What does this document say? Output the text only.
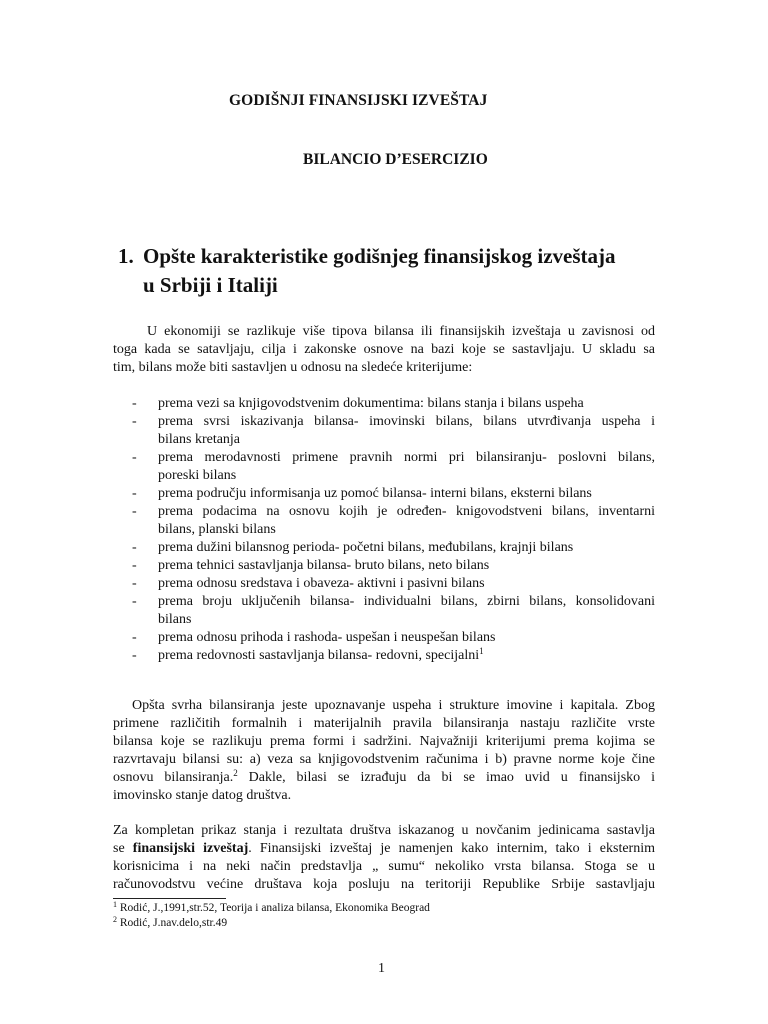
GODIŠNJI FINANSIJSKI IZVEŠTAJ
BILANCIO D’ESERCIZIO
1. Opšte karakteristike godišnjeg finansijskog izveštaja
u Srbiji i Italiji
U ekonomiji se razlikuje više tipova bilansa ili finansijskih izveštaja u zavisnosi od
toga kada se satavljaju, cilja i zakonske osnove na bazi koje se sastavljaju. U skladu sa
tim, bilans može biti sastavljen u odnosu na sledeće kriterijume:
- prema vezi sa knjigovodstvenim dokumentima: bilans stanja i bilans uspeha
- prema svrsi iskazivanja bilansa- imovinski bilans, bilans utvrđivanja uspeha i
bilans kretanja
- prema merodavnosti primene pravnih normi pri bilansiranju- poslovni bilans,
poreski bilans
- prema području informisanja uz pomoć bilansa- interni bilans, eksterni bilans
- prema podacima na osnovu kojih je određen- knigovodstveni bilans, inventarni
bilans, planski bilans
- prema dužini bilansnog perioda- početni bilans, međubilans, krajnji bilans
- prema tehnici sastavljanja bilansa- bruto bilans, neto bilans
- prema odnosu sredstava i obaveza- aktivni i pasivni bilans
- prema broju uključenih bilansa- individualni bilans, zbirni bilans, konsolidovani
bilans
- prema odnosu prihoda i rashoda- uspešan i neuspešan bilans
- prema redovnosti sastavljanja bilansa- redovni, specijalni$^1$
Opšta svrha bilansiranja jeste upoznavanje uspeha i strukture imovine i kapitala. Zbog
primene različitih formalnih i materijalnih pravila bilansiranja nastaju različite vrste
bilansa koje se razlikuju prema formi i sadržini. Najvažniji kriterijumi prema kojima se
razvrtavaju bilansi su: a) veza sa knjigovodstvenim računima i b) pravne norme koje čine
osnovu bilansiranja.$^2$ Dakle, bilasi se izrađuju da bi se imao uvid u finansijsko i
imovinsko stanje datog društva.
Za kompletan prikaz stanja i rezultata društva iskazanog u novčanim jedinicama sastavlja
se finansijski izveštaj. Finansijski izveštaj je namenjen kako internim, tako i eksternim
korisnicima i na neki način predstavlja „ sumu“ nekoliko vrsta bilansa. Stoga se u
računovodstvu većine društava koja posluju na teritoriji Republike Srbije sastavljaju
$^1$ Rodić, J.,1991,str.52, Teorija i analiza bilansa, Ekonomika Beograd
$^2$ Rodić, J.nav.delo,str.49
1
